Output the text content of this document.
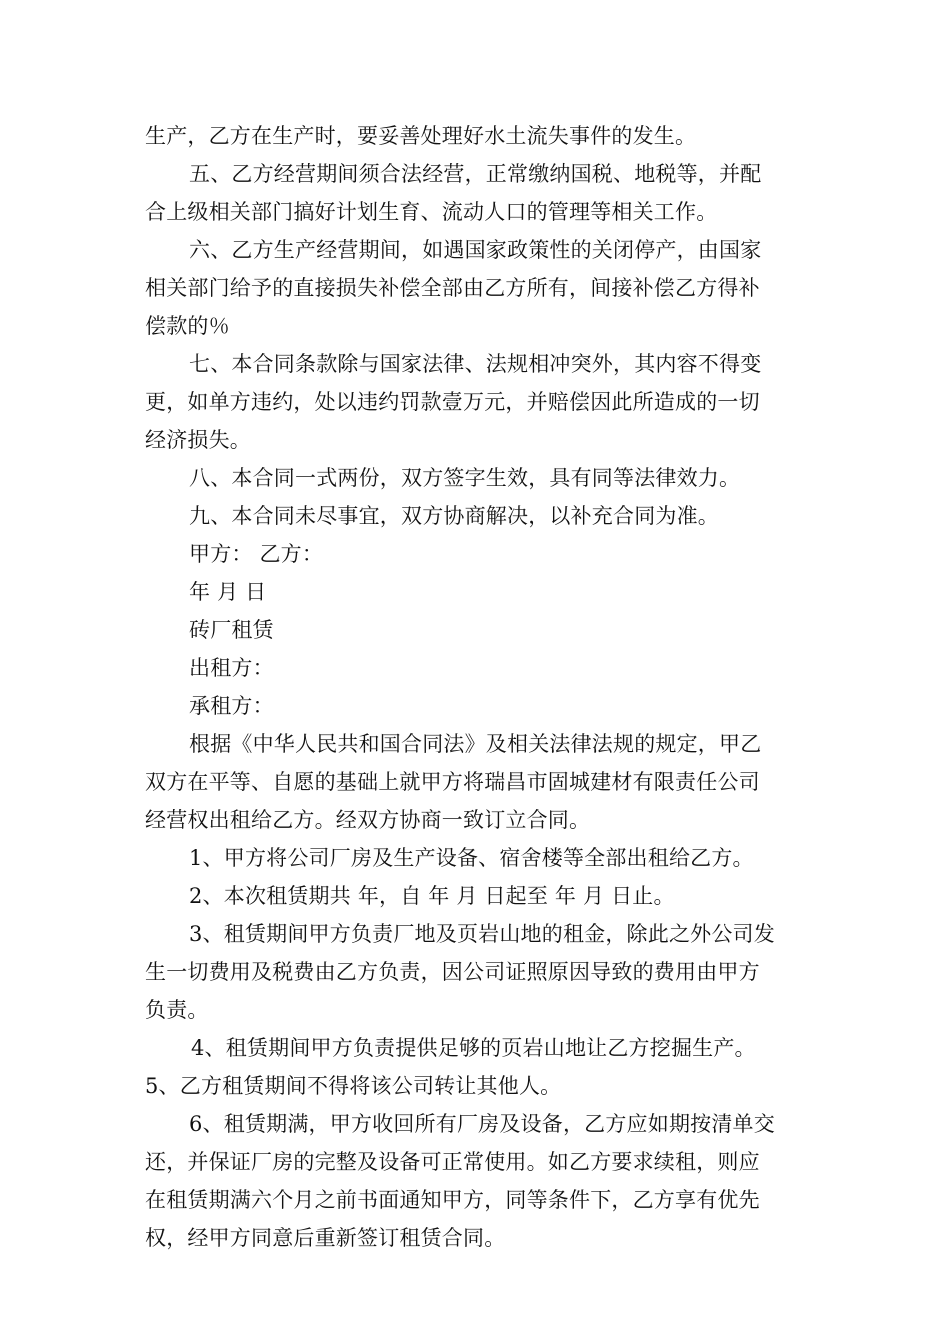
生产，乙方在生产时，要妥善处理好水土流失事件的发生。
五、乙方经营期间须合法经营，正常缴纳国税、地税等，并配
合上级相关部门搞好计划生育、流动人口的管理等相关工作。
六、乙方生产经营期间，如遇国家政策性的关闭停产，由国家
相关部门给予的直接损失补偿全部由乙方所有，间接补偿乙方得补
偿款的％
七、本合同条款除与国家法律、法规相冲突外，其内容不得变
更，如单方违约，处以违约罚款壹万元，并赔偿因此所造成的一切
经济损失。
八、本合同一式两份，双方签字生效，具有同等法律效力。
九、本合同未尽事宜，双方协商解决，以补充合同为准。
甲方： 乙方：
年 月 日
砖厂租赁
出租方：
承租方：
根据《中华人民共和国合同法》及相关法律法规的规定，甲乙
双方在平等、自愿的基础上就甲方将瑞昌市固城建材有限责任公司
经营权出租给乙方。经双方协商一致订立合同。
1、甲方将公司厂房及生产设备、宿舍楼等全部出租给乙方。
2、本次租赁期共 年，自 年 月 日起至 年 月 日止。
3、租赁期间甲方负责厂地及页岩山地的租金，除此之外公司发
生一切费用及税费由乙方负责，因公司证照原因导致的费用由甲方
负责。
4、租赁期间甲方负责提供足够的页岩山地让乙方挖掘生产。
5、乙方租赁期间不得将该公司转让其他人。
6、租赁期满，甲方收回所有厂房及设备，乙方应如期按清单交
还，并保证厂房的完整及设备可正常使用。如乙方要求续租，则应
在租赁期满六个月之前书面通知甲方，同等条件下，乙方享有优先
权，经甲方同意后重新签订租赁合同。
